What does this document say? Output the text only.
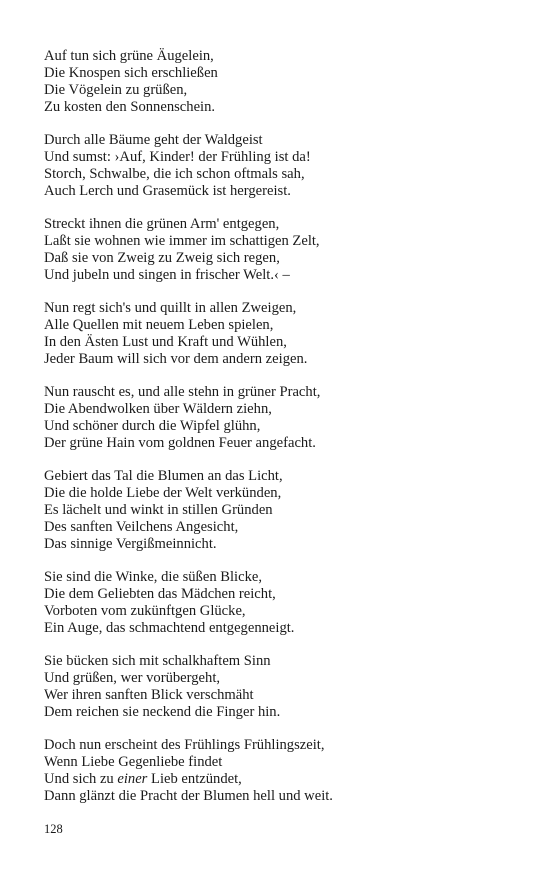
Auf tun sich grüne Äugelein,
Die Knospen sich erschließen
Die Vögelein zu grüßen,
Zu kosten den Sonnenschein.
Durch alle Bäume geht der Waldgeist
Und sumst: ›Auf, Kinder! der Frühling ist da!
Storch, Schwalbe, die ich schon oftmals sah,
Auch Lerch und Grasemück ist hergereist.
Streckt ihnen die grünen Arm' entgegen,
Laßt sie wohnen wie immer im schattigen Zelt,
Daß sie von Zweig zu Zweig sich regen,
Und jubeln und singen in frischer Welt.‹ –
Nun regt sich's und quillt in allen Zweigen,
Alle Quellen mit neuem Leben spielen,
In den Ästen Lust und Kraft und Wühlen,
Jeder Baum will sich vor dem andern zeigen.
Nun rauscht es, und alle stehn in grüner Pracht,
Die Abendwolken über Wäldern ziehn,
Und schöner durch die Wipfel glühn,
Der grüne Hain vom goldnen Feuer angefacht.
Gebiert das Tal die Blumen an das Licht,
Die die holde Liebe der Welt verkünden,
Es lächelt und winkt in stillen Gründen
Des sanften Veilchens Angesicht,
Das sinnige Vergißmeinnicht.
Sie sind die Winke, die süßen Blicke,
Die dem Geliebten das Mädchen reicht,
Vorboten vom zukünftgen Glücke,
Ein Auge, das schmachtend entgegenneigt.
Sie bücken sich mit schalkhaftem Sinn
Und grüßen, wer vorübergeht,
Wer ihren sanften Blick verschmäht
Dem reichen sie neckend die Finger hin.
Doch nun erscheint des Frühlings Frühlingszeit,
Wenn Liebe Gegenliebe findet
Und sich zu einer Lieb entzündet,
Dann glänzt die Pracht der Blumen hell und weit.
128
